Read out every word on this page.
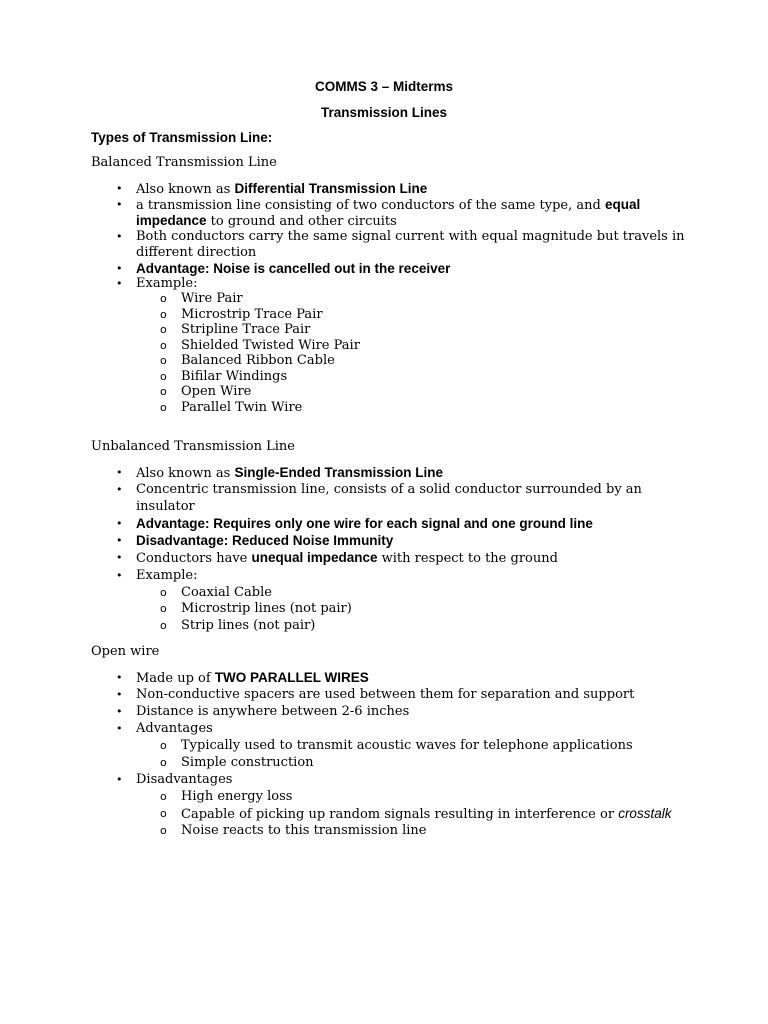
COMMS 3 – Midterms
Transmission Lines
Types of Transmission Line:
Balanced Transmission Line
• Also known as Differential Transmission Line
• a transmission line consisting of two conductors of the same type, and equal
impedance to ground and other circuits
• Both conductors carry the same signal current with equal magnitude but travels in
different direction
• Advantage: Noise is cancelled out in the receiver
• Example:
o Wire Pair
o Microstrip Trace Pair
o Stripline Trace Pair
o Shielded Twisted Wire Pair
o Balanced Ribbon Cable
o Bifilar Windings
o Open Wire
o Parallel Twin Wire
Unbalanced Transmission Line
• Also known as Single-Ended Transmission Line
• Concentric transmission line, consists of a solid conductor surrounded by an
insulator
• Advantage: Requires only one wire for each signal and one ground line
• Disadvantage: Reduced Noise Immunity
• Conductors have unequal impedance with respect to the ground
• Example:
o Coaxial Cable
o Microstrip lines (not pair)
o Strip lines (not pair)
Open wire
• Made up of TWO PARALLEL WIRES
• Non-conductive spacers are used between them for separation and support
• Distance is anywhere between 2-6 inches
• Advantages
o Typically used to transmit acoustic waves for telephone applications
o Simple construction
• Disadvantages
o High energy loss
o Capable of picking up random signals resulting in interference or crosstalk
o Noise reacts to this transmission line
